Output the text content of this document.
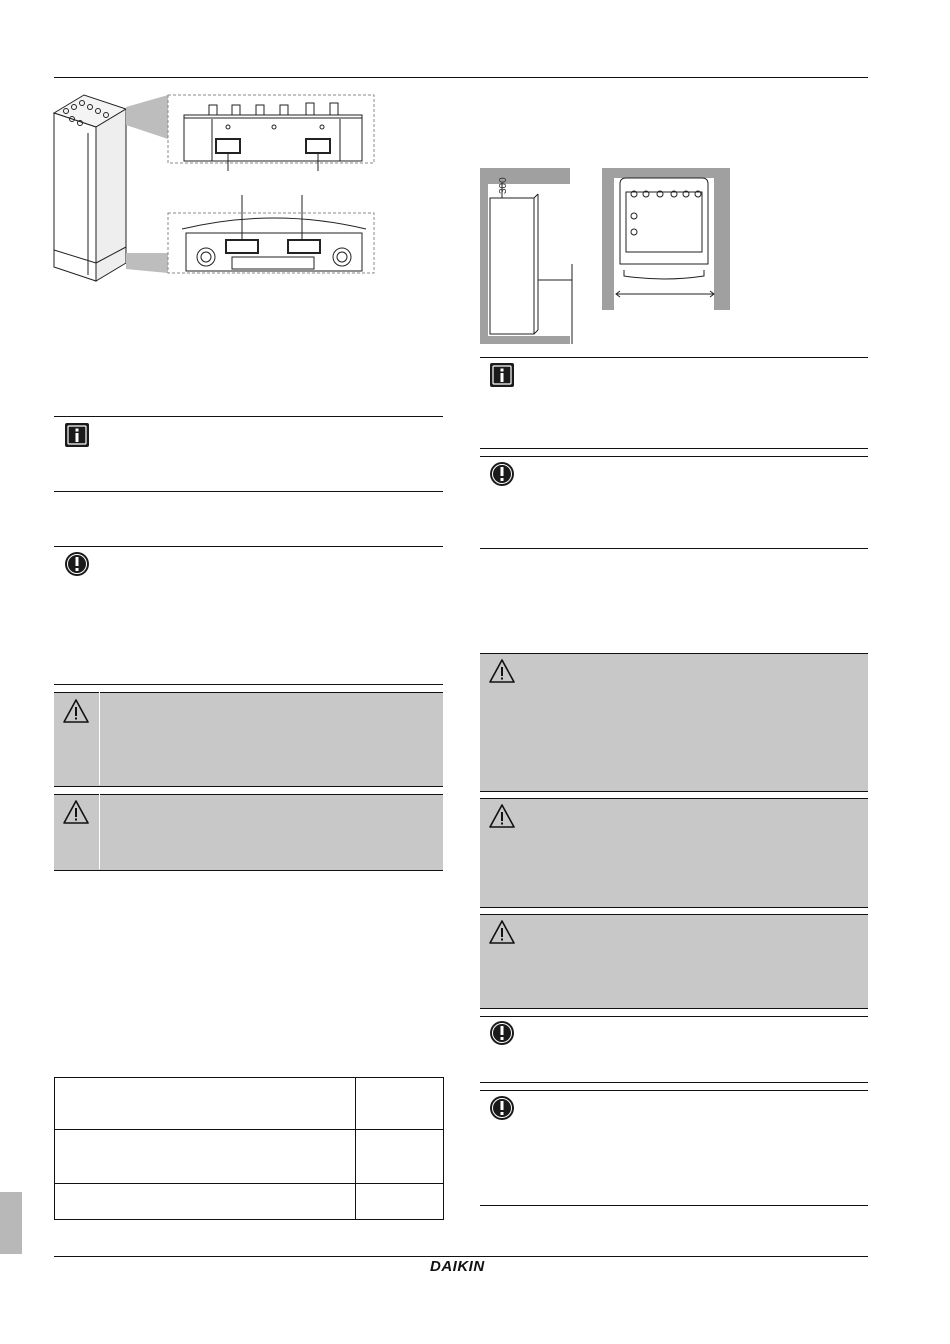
300
DAIKIN
